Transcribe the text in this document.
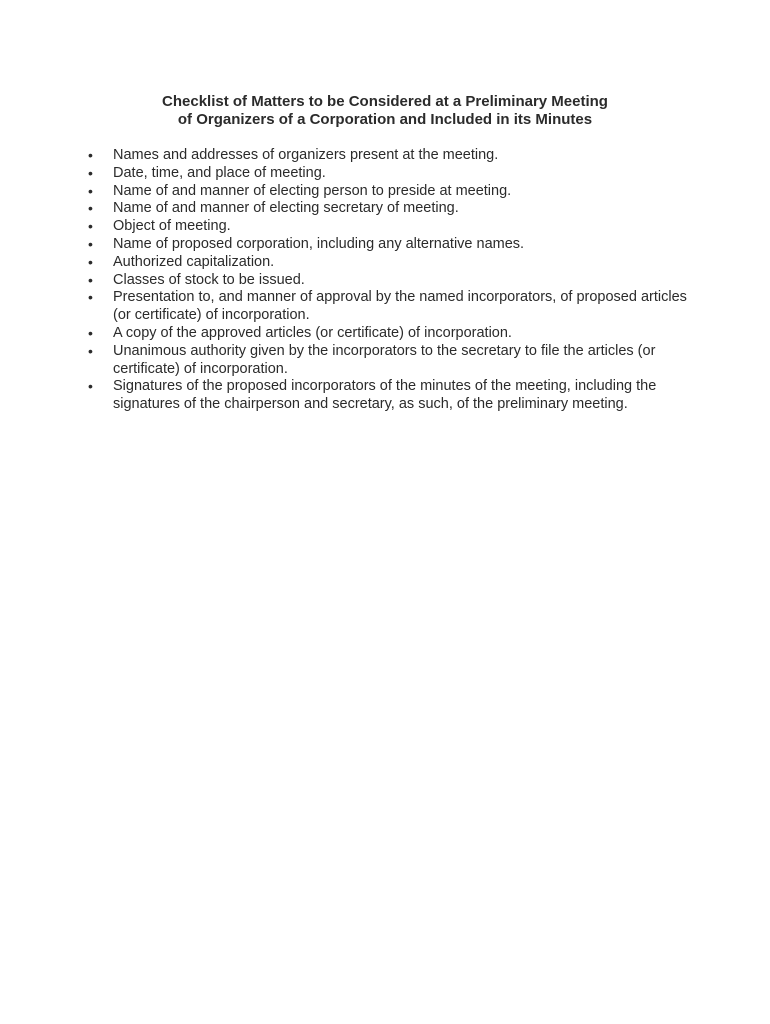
Checklist of Matters to be Considered at a Preliminary Meeting

of Organizers of a Corporation and Included in its Minutes

•	Names and addresses of organizers present at the meeting.
•	Date, time, and place of meeting.
•	Name of and manner of electing person to preside at meeting.
•	Name of and manner of electing secretary of meeting.
•	Object of meeting.
•	Name of proposed corporation, including any alternative names.
•	Authorized capitalization.
•	Classes of stock to be issued.
•	Presentation to, and manner of approval by the named incorporators, of proposed articles (or certificate) of incorporation.
•	A copy of the approved articles (or certificate) of incorporation.
•	Unanimous authority given by the incorporators to the secretary to file the articles (or certificate) of incorporation.
•	Signatures of the proposed incorporators of the minutes of the meeting, including the signatures of the chairperson and secretary, as such, of the preliminary meeting.
